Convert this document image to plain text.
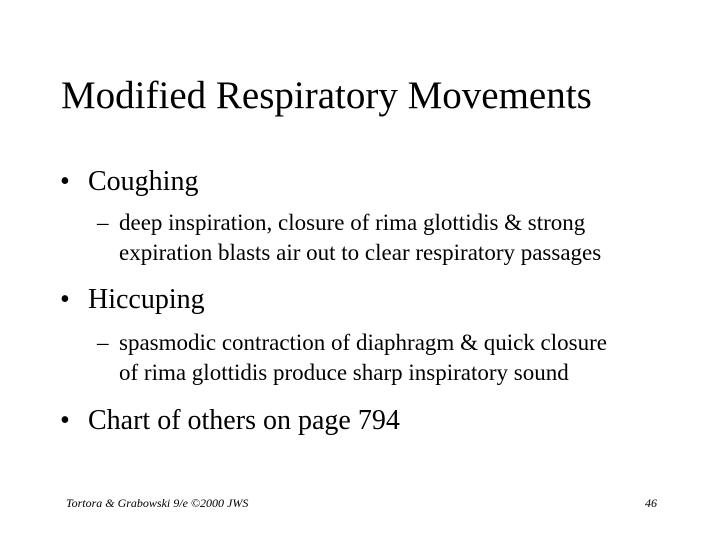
Modified Respiratory Movements
• Coughing
– deep inspiration, closure of rima glottidis & strong
expiration blasts air out to clear respiratory passages
• Hiccuping
– spasmodic contraction of diaphragm & quick closure
of rima glottidis produce sharp inspiratory sound
• Chart of others on page 794
Tortora & Grabowski 9/e ©2000 JWS	46
